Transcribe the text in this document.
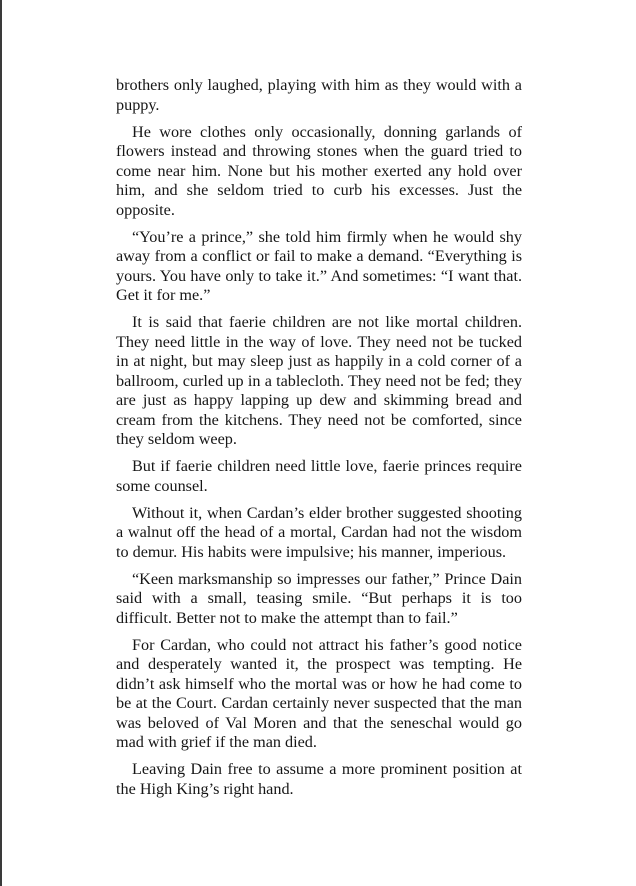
brothers only laughed, playing with him as they would with a puppy.

He wore clothes only occasionally, donning garlands of flowers instead and throwing stones when the guard tried to come near him. None but his mother exerted any hold over him, and she seldom tried to curb his excesses. Just the opposite.

“You’re a prince,” she told him firmly when he would shy away from a conflict or fail to make a demand. “Everything is yours. You have only to take it.” And sometimes: “I want that. Get it for me.”

It is said that faerie children are not like mortal children. They need little in the way of love. They need not be tucked in at night, but may sleep just as happily in a cold corner of a ballroom, curled up in a tablecloth. They need not be fed; they are just as happy lapping up dew and skimming bread and cream from the kitchens. They need not be comforted, since they seldom weep.

But if faerie children need little love, faerie princes require some counsel.

Without it, when Cardan’s elder brother suggested shooting a walnut off the head of a mortal, Cardan had not the wisdom to demur. His habits were impulsive; his manner, imperious.

“Keen marksmanship so impresses our father,” Prince Dain said with a small, teasing smile. “But perhaps it is too difficult. Better not to make the attempt than to fail.”

For Cardan, who could not attract his father’s good notice and desperately wanted it, the prospect was tempting. He didn’t ask himself who the mortal was or how he had come to be at the Court. Cardan certainly never suspected that the man was beloved of Val Moren and that the seneschal would go mad with grief if the man died.

Leaving Dain free to assume a more prominent position at the High King’s right hand.
